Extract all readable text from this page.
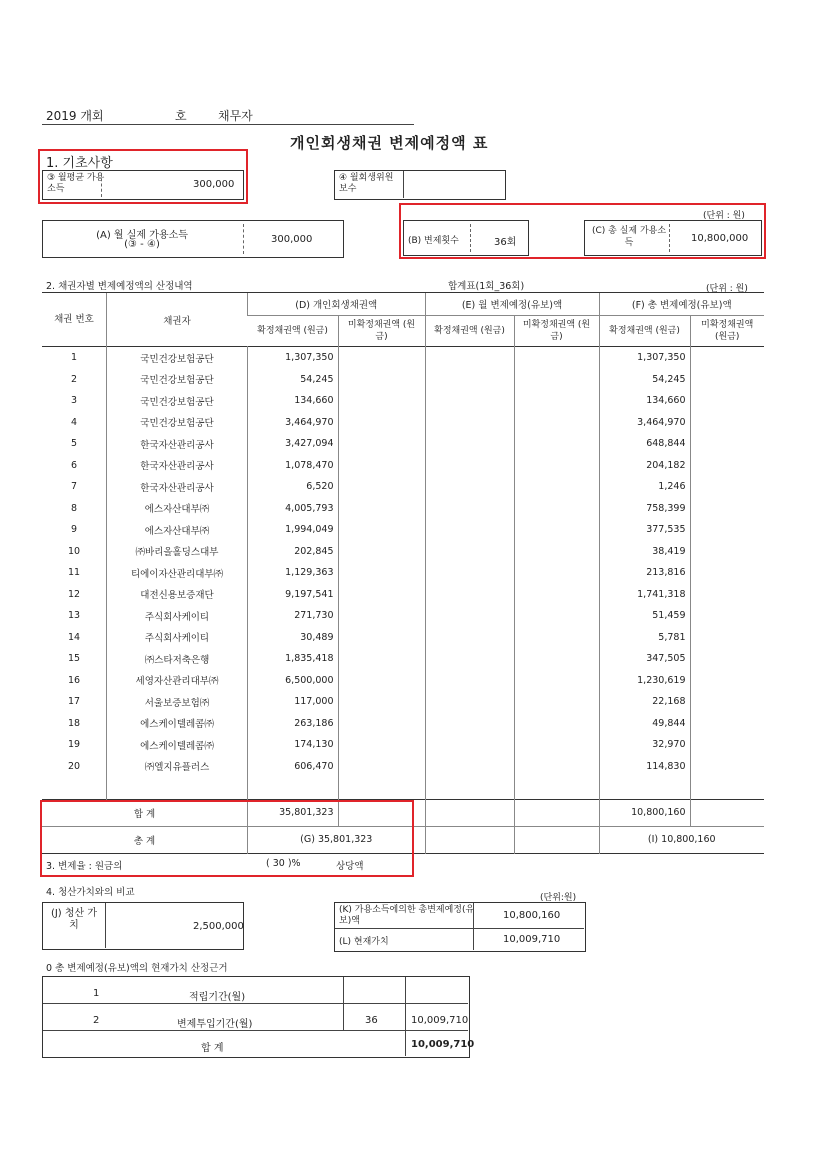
2019 개회	호	채무자
개인회생채권 변제예정액 표
1. 기초사항
③ 월평균 가용소득	300,000
④ 월회생위원 보수
(단위 : 원)
(A) 월 실제 가용소득
(③ - ④)	300,000	(B) 변제횟수	36회
(C) 총 실제 가용소득	10,800,000
2. 채권자별 변제예정액의 산정내역	합계표(1회_36회)	(단위 : 원)
채권 번호	채권자	(D) 개인회생채권액		(E) 월 변제예정(유보)액		(F) 총 변제예정(유보)액	
		확정채권액 (원금)	미확정채권액 (원금)	확정채권액 (원금)	미확정채권액 (원금)	확정채권액 (원금)	미확정채권액 (원금)
1	국민건강보험공단	1,307,350				1,307,350	
2	국민건강보험공단	54,245				54,245	
3	국민건강보험공단	134,660				134,660	
4	국민건강보험공단	3,464,970				3,464,970	
5	한국자산관리공사	3,427,094				648,844	
6	한국자산관리공사	1,078,470				204,182	
7	한국자산관리공사	6,520				1,246	
8	에스자산대부㈜	4,005,793				758,399	
9	에스자산대부㈜	1,994,049				377,535	
10	㈜바리올홀딩스대부	202,845				38,419	
11	티에이자산관리대부㈜	1,129,363				213,816	
12	대전신용보증재단	9,197,541				1,741,318	
13	주식회사케이티	271,730				51,459	
14	주식회사케이티	30,489				5,781	
15	㈜스타저축은행	1,835,418				347,505	
16	세영자산관리대부㈜	6,500,000				1,230,619	
17	서울보증보험㈜	117,000				22,168	
18	에스케이텔레콤㈜	263,186				49,844	
19	에스케이텔레콤㈜	174,130				32,970	
20	㈜엘지유플러스	606,470				114,830	

합 계		35,801,323				10,800,160	
총 계		(G) 35,801,323				(I) 10,800,160	
3. 변제율 : 원금의	( 30 )%	상당액
4. 청산가치와의 비교	(단위:원)
(J) 청산 가치	2,500,000
(K) 가용소득에의한 총변제예정(유보)액	10,800,160
(L) 현재가치	10,009,710
0 총 변제예정(유보)액의 현재가치 산정근거
1	적립기간(월)
2	변제투입기간(월)	36	10,009,710
합 계	10,009,710
